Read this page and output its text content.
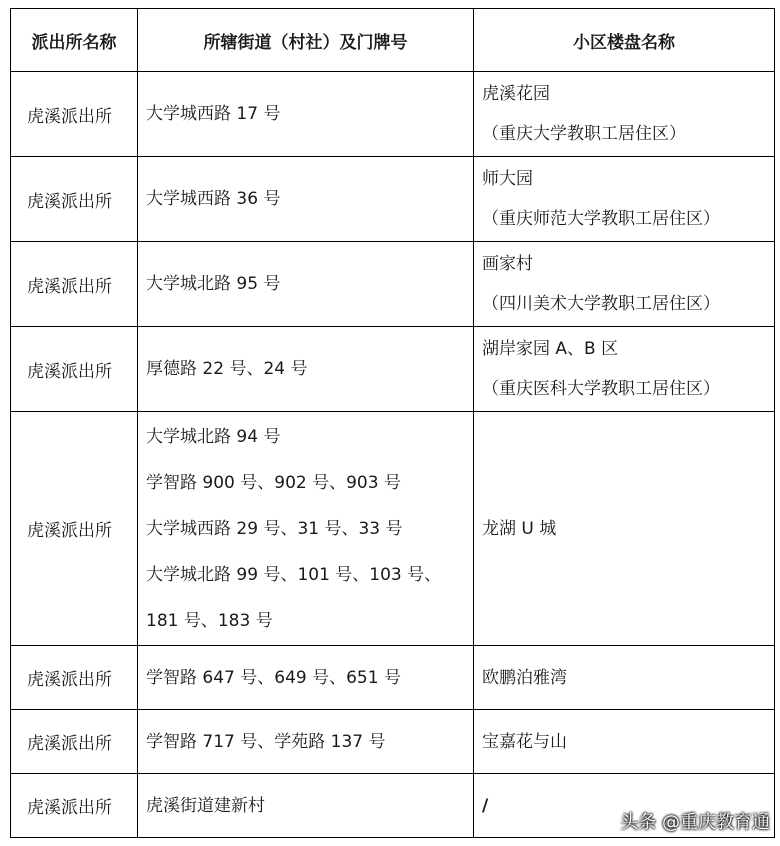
派出所名称	所辖街道（村社）及门牌号	小区楼盘名称
虎溪派出所	大学城西路 17 号	虎溪花园
（重庆大学教职工居住区）

虎溪派出所	大学城西路 36 号	师大园
（重庆师范大学教职工居住区）

虎溪派出所	大学城北路 95 号	画家村
（四川美术大学教职工居住区）

虎溪派出所	厚德路 22 号、24 号	湖岸家园 A、B 区
（重庆医科大学教职工居住区）

虎溪派出所	大学城北路 94 号
学智路 900 号、902 号、903 号
大学城西路 29 号、31 号、33 号
大学城北路 99 号、101 号、103 号、
181 号、183 号	龙湖 U 城

虎溪派出所	学智路 647 号、649 号、651 号	欧鹏泊雅湾

虎溪派出所	学智路 717 号、学苑路 137 号	宝嘉花与山

虎溪派出所	虎溪街道建新村	/
头条 @重庆教育通
